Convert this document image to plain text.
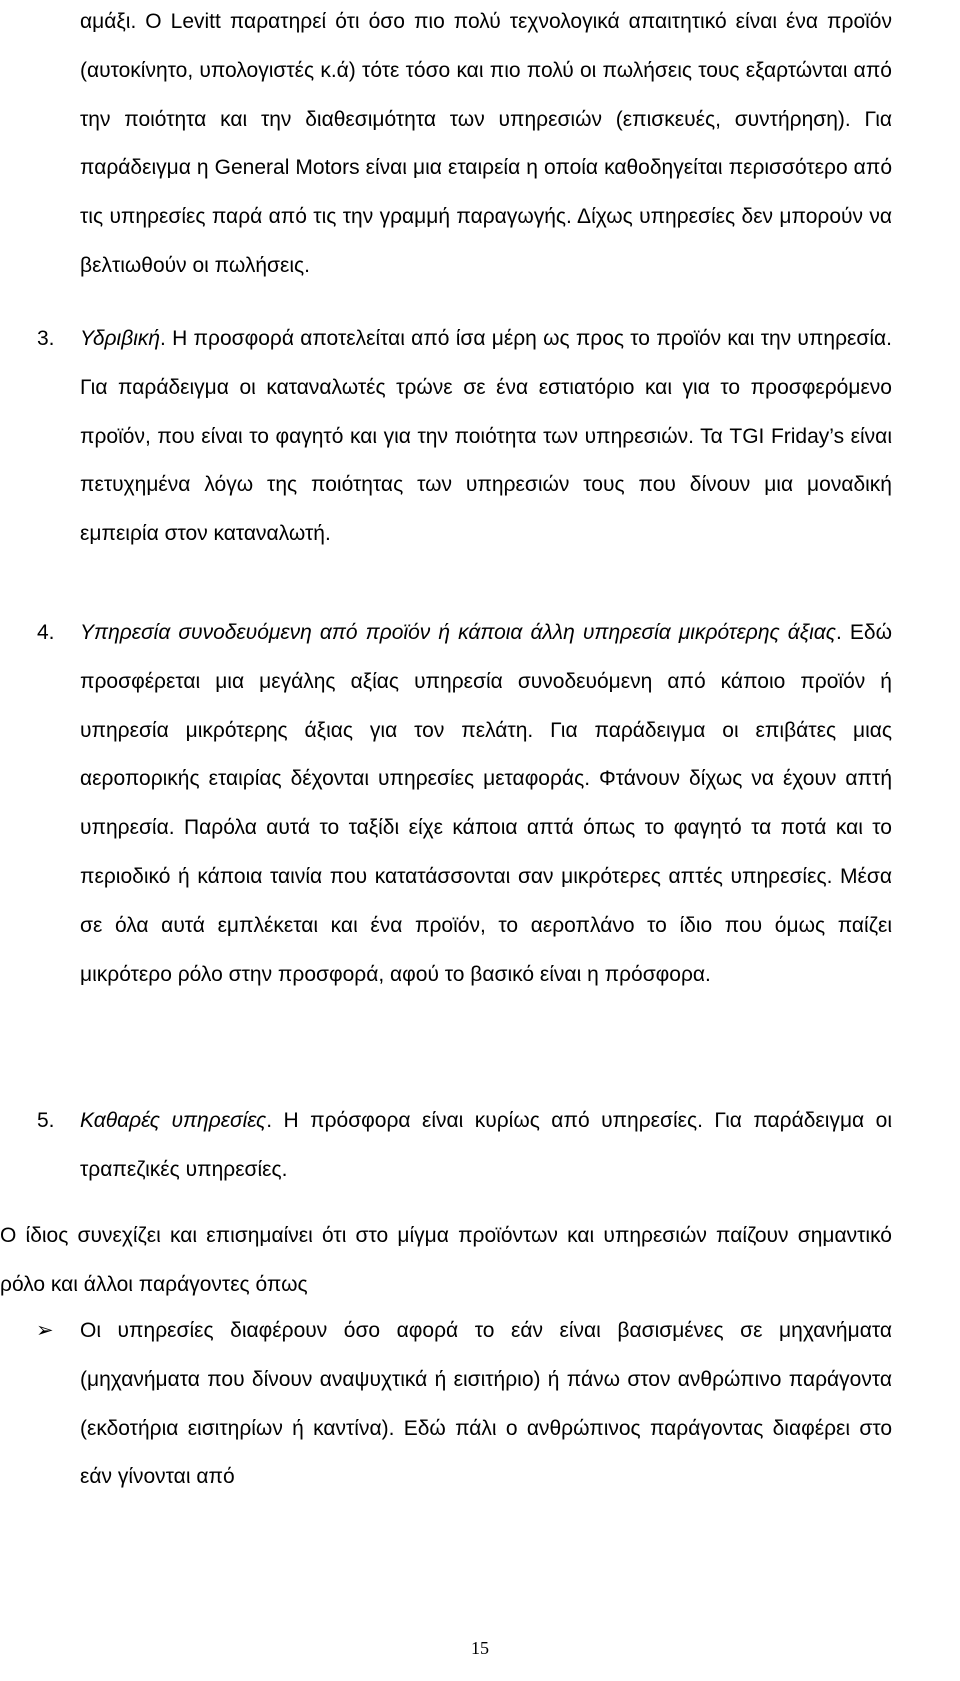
αμάξι. Ο Levitt παρατηρεί ότι όσο πιο πολύ τεχνολογικά απαιτητικό είναι ένα προϊόν (αυτοκίνητο, υπολογιστές κ.ά) τότε τόσο και πιο πολύ οι πωλήσεις τους εξαρτώνται από την ποιότητα και την διαθεσιμότητα των υπηρεσιών (επισκευές, συντήρηση). Για παράδειγμα η General Motors είναι μια εταιρεία η οποία καθοδηγείται περισσότερο από τις υπηρεσίες παρά από τις την γραμμή παραγωγής. Δίχως υπηρεσίες δεν μπορούν να βελτιωθούν οι πωλήσεις.

3. Υδριβική. Η προσφορά αποτελείται από ίσα μέρη ως προς το προϊόν και την υπηρεσία. Για παράδειγμα οι καταναλωτές τρώνε σε ένα εστιατόριο και για το προσφερόμενο προϊόν, που είναι το φαγητό και για την ποιότητα των υπηρεσιών. Τα TGI Friday’s είναι πετυχημένα λόγω της ποιότητας των υπηρεσιών τους που δίνουν μια μοναδική εμπειρία στον καταναλωτή.

4. Υπηρεσία συνοδευόμενη από προϊόν ή κάποια άλλη υπηρεσία μικρότερης άξιας. Εδώ προσφέρεται μια μεγάλης αξίας υπηρεσία συνοδευόμενη από κάποιο προϊόν ή υπηρεσία μικρότερης άξιας για τον πελάτη. Για παράδειγμα οι επιβάτες μιας αεροπορικής εταιρίας δέχονται υπηρεσίες μεταφοράς. Φτάνουν δίχως να έχουν απτή υπηρεσία. Παρόλα αυτά το ταξίδι είχε κάποια απτά όπως το φαγητό τα ποτά και το περιοδικό ή κάποια ταινία που κατατάσσονται σαν μικρότερες απτές υπηρεσίες. Μέσα σε όλα αυτά εμπλέκεται και ένα προϊόν, το αεροπλάνο το ίδιο που όμως παίζει μικρότερο ρόλο στην προσφορά, αφού το βασικό είναι η πρόσφορα.

5. Καθαρές υπηρεσίες. Η πρόσφορα είναι κυρίως από υπηρεσίες. Για παράδειγμα οι τραπεζικές υπηρεσίες.

Ο ίδιος συνεχίζει και επισημαίνει ότι στο μίγμα προϊόντων και υπηρεσιών παίζουν σημαντικό ρόλο και άλλοι παράγοντες όπως

➢ Οι υπηρεσίες διαφέρουν όσο αφορά το εάν είναι βασισμένες σε μηχανήματα (μηχανήματα που δίνουν αναψυχτικά ή εισιτήριο) ή πάνω στον ανθρώπινο παράγοντα (εκδοτήρια εισιτηρίων ή καντίνα). Εδώ πάλι ο ανθρώπινος παράγοντας διαφέρει στο εάν γίνονται από

15
